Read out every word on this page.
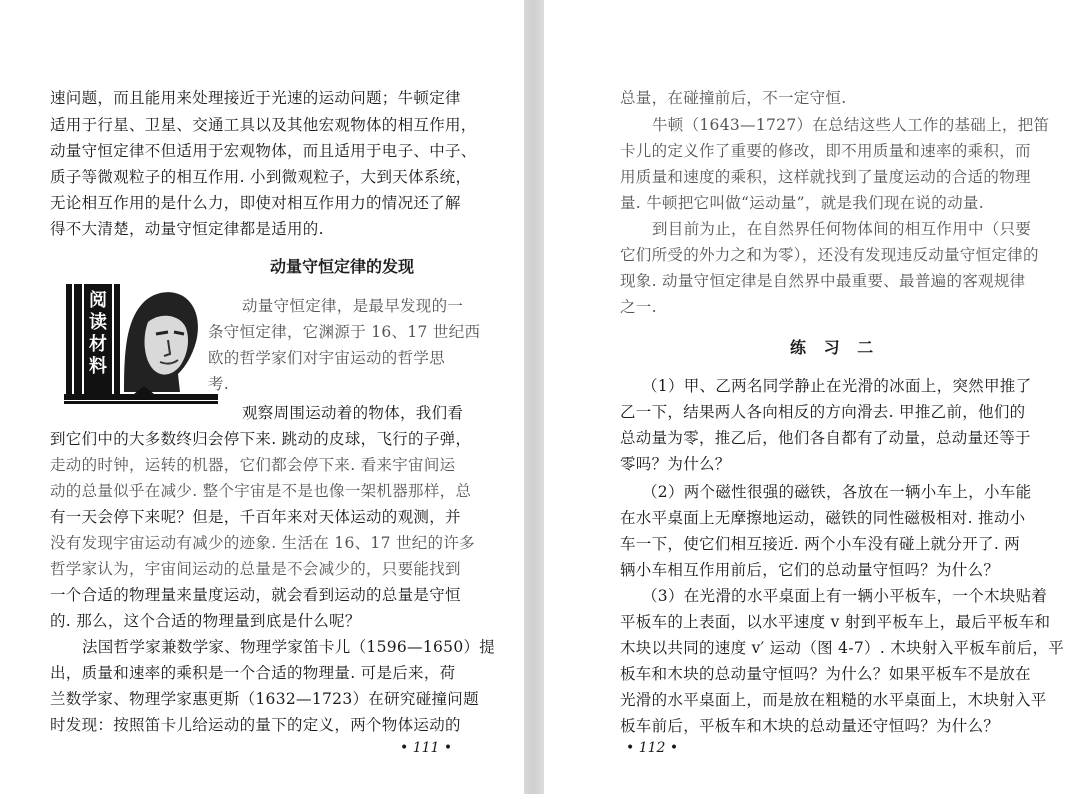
速问题，而且能用来处理接近于光速的运动问题；牛顿定律
适用于行星、卫星、交通工具以及其他宏观物体的相互作用，
动量守恒定律不但适用于宏观物体，而且适用于电子、中子、
质子等微观粒子的相互作用. 小到微观粒子，大到天体系统，
无论相互作用的是什么力，即使对相互作用力的情况还了解
得不大清楚，动量守恒定律都是适用的.
动量守恒定律的发现
阅
读
材
料
动量守恒定律，是最早发现的一
条守恒定律，它渊源于 16、17 世纪西
欧的哲学家们对宇宙运动的哲学思
考.
观察周围运动着的物体，我们看
到它们中的大多数终归会停下来. 跳动的皮球，飞行的子弹，
走动的时钟，运转的机器，它们都会停下来. 看来宇宙间运
动的总量似乎在减少. 整个宇宙是不是也像一架机器那样，总
有一天会停下来呢？但是，千百年来对天体运动的观测，并
没有发现宇宙运动有减少的迹象. 生活在 16、17 世纪的许多
哲学家认为，宇宙间运动的总量是不会减少的，只要能找到
一个合适的物理量来量度运动，就会看到运动的总量是守恒
的. 那么，这个合适的物理量到底是什么呢？
法国哲学家兼数学家、物理学家笛卡儿（1596—1650）提
出，质量和速率的乘积是一个合适的物理量. 可是后来，荷
兰数学家、物理学家惠更斯（1632—1723）在研究碰撞问题
时发现：按照笛卡儿给运动的量下的定义，两个物体运动的
• 111 •
总量，在碰撞前后，不一定守恒.
牛顿（1643—1727）在总结这些人工作的基础上，把笛
卡儿的定义作了重要的修改，即不用质量和速率的乘积，而
用质量和速度的乘积，这样就找到了量度运动的合适的物理
量. 牛顿把它叫做“运动量”，就是我们现在说的动量.
到目前为止，在自然界任何物体间的相互作用中（只要
它们所受的外力之和为零），还没有发现违反动量守恒定律的
现象. 动量守恒定律是自然界中最重要、最普遍的客观规律
之一.
练 习 二
（1）甲、乙两名同学静止在光滑的冰面上，突然甲推了
乙一下，结果两人各向相反的方向滑去. 甲推乙前，他们的
总动量为零，推乙后，他们各自都有了动量，总动量还等于
零吗？为什么？
（2）两个磁性很强的磁铁，各放在一辆小车上，小车能
在水平桌面上无摩擦地运动，磁铁的同性磁极相对. 推动小
车一下，使它们相互接近. 两个小车没有碰上就分开了. 两
辆小车相互作用前后，它们的总动量守恒吗？为什么？
（3）在光滑的水平桌面上有一辆小平板车，一个木块贴着
平板车的上表面，以水平速度 v 射到平板车上，最后平板车和
木块以共同的速度 v′ 运动（图 4-7）. 木块射入平板车前后，平
板车和木块的总动量守恒吗？为什么？如果平板车不是放在
光滑的水平桌面上，而是放在粗糙的水平桌面上，木块射入平
板车前后，平板车和木块的总动量还守恒吗？为什么？
• 112 •
